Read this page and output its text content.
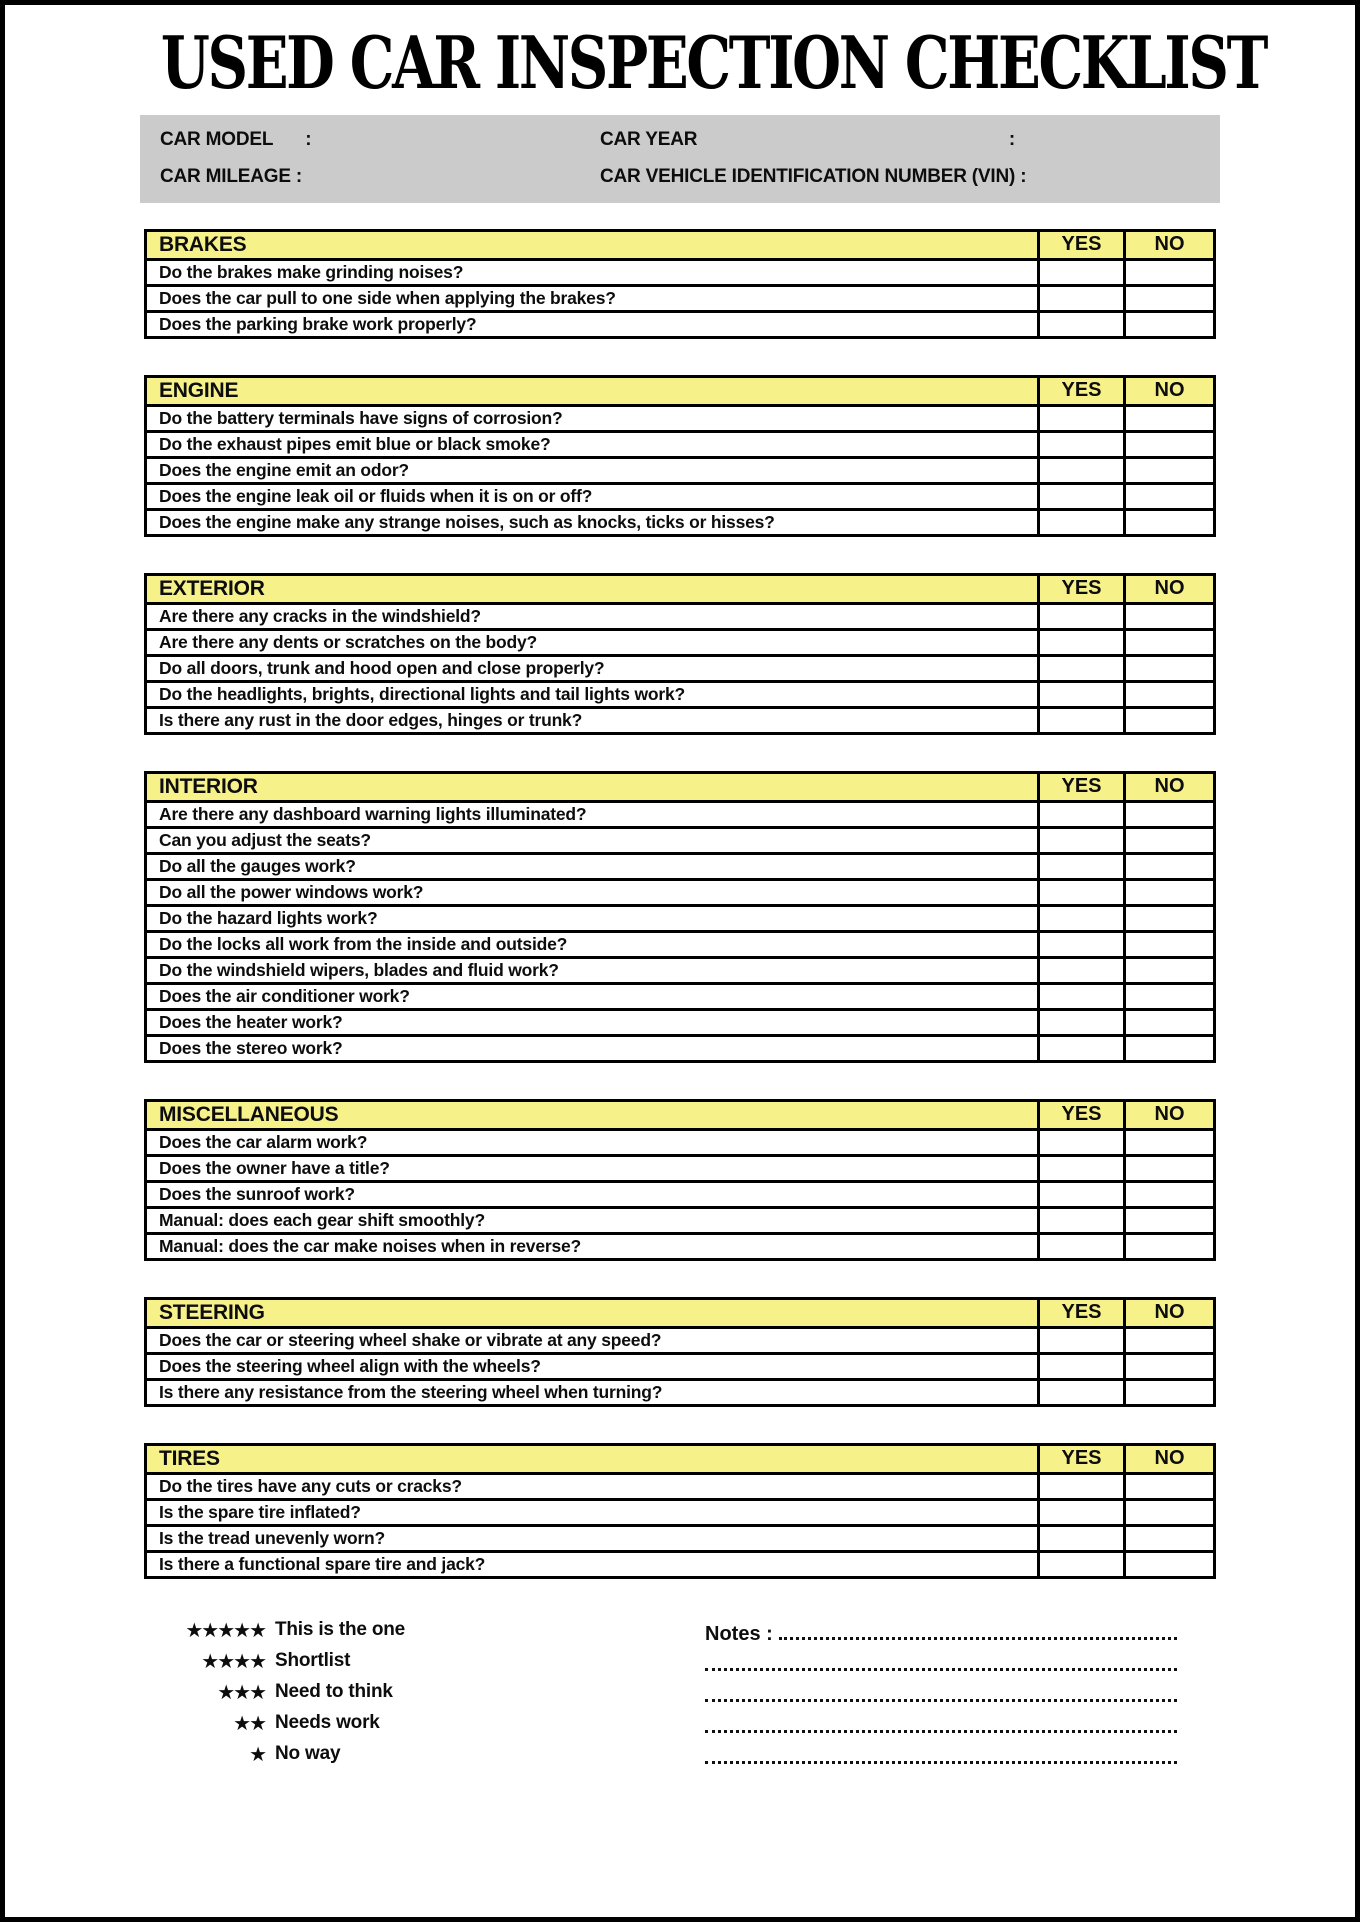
USED CAR INSPECTION CHECKLIST
CAR MODEL :	CAR YEAR	:
CAR MILEAGE :	CAR VEHICLE IDENTIFICATION NUMBER (VIN) :
BRAKES	YES	NO
Do the brakes make grinding noises?		
Does the car pull to one side when applying the brakes?		
Does the parking brake work properly?		
ENGINE	YES	NO
Do the battery terminals have signs of corrosion?		
Do the exhaust pipes emit blue or black smoke?		
Does the engine emit an odor?		
Does the engine leak oil or fluids when it is on or off?		
Does the engine make any strange noises, such as knocks, ticks or hisses?		
EXTERIOR	YES	NO
Are there any cracks in the windshield?		
Are there any dents or scratches on the body?		
Do all doors, trunk and hood open and close properly?		
Do the headlights, brights, directional lights and tail lights work?		
Is there any rust in the door edges, hinges or trunk?		
INTERIOR	YES	NO
Are there any dashboard warning lights illuminated?		
Can you adjust the seats?		
Do all the gauges work?		
Do all the power windows work?		
Do the hazard lights work?		
Do the locks all work from the inside and outside?		
Do the windshield wipers, blades and fluid work?		
Does the air conditioner work?		
Does the heater work?		
Does the stereo work?		
MISCELLANEOUS	YES	NO
Does the car alarm work?		
Does the owner have a title?		
Does the sunroof work?		
Manual: does each gear shift smoothly?		
Manual: does the car make noises when in reverse?		
STEERING	YES	NO
Does the car or steering wheel shake or vibrate at any speed?		
Does the steering wheel align with the wheels?		
Is there any resistance from the steering wheel when turning?		
TIRES	YES	NO
Do the tires have any cuts or cracks?		
Is the spare tire inflated?		
Is the tread unevenly worn?		
Is there a functional spare tire and jack?		
★★★★★ This is the one
★★★★ Shortlist
★★★ Need to think
★★ Needs work
★ No way
Notes :
